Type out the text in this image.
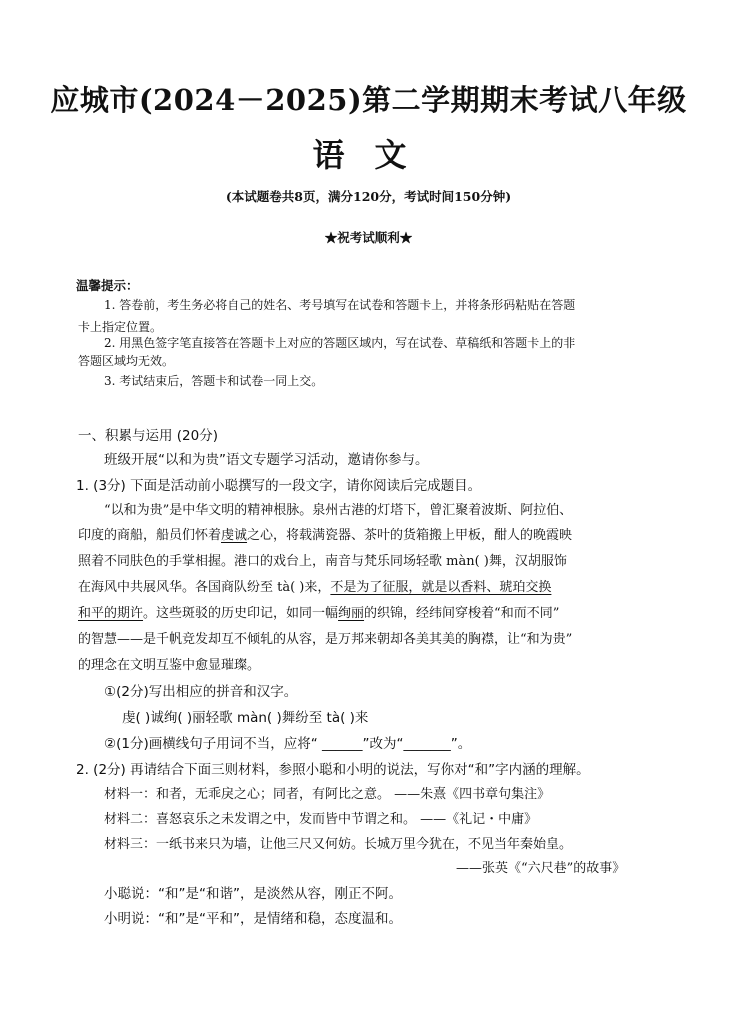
应城市(2024－2025)第二学期期末考试八年级
语文
(本试题卷共8页，满分120分，考试时间150分钟)
★祝考试顺利★
温馨提示：
1. 答卷前，考生务必将自己的姓名、考号填写在试卷和答题卡上，并将条形码粘贴在答题
卡上指定位置。
2. 用黑色签字笔直接答在答题卡上对应的答题区域内，写在试卷、草稿纸和答题卡上的非
答题区域均无效。
3. 考试结束后，答题卡和试卷一同上交。
一、积累与运用 (20分)
班级开展“以和为贵”语文专题学习活动，邀请你参与。
1. (3分) 下面是活动前小聪撰写的一段文字，请你阅读后完成题目。
“以和为贵”是中华文明的精神根脉。泉州古港的灯塔下，曾汇聚着波斯、阿拉伯、
印度的商船，船员们怀着虔诚之心，将载满瓷器、茶叶的货箱搬上甲板，酣人的晚霞映
照着不同肤色的手掌相握。港口的戏台上，南音与梵乐同场轻歌 màn( )舞，汉胡服饰
在海风中共展风华。各国商队纷至 tà( )来，不是为了征服，就是以香料、琥珀交换
和平的期许。这些斑驳的历史印记，如同一幅绚丽的织锦，经纬间穿梭着“和而不同”
的智慧——是千帆竞发却互不倾轧的从容，是万邦来朝却各美其美的胸襟，让“和为贵”
的理念在文明互鉴中愈显璀璨。
①(2分)写出相应的拼音和汉字。
虔( )诚绚( )丽轻歌 màn( )舞纷至 tà( )来
②(1分)画横线句子用词不当，应将“ ______”改为“_______”。
2. (2分) 再请结合下面三则材料，参照小聪和小明的说法，写你对“和”字内涵的理解。
材料一：和者，无乖戾之心；同者，有阿比之意。 ——朱熹《四书章句集注》
材料二：喜怒哀乐之未发谓之中，发而皆中节谓之和。 ——《礼记・中庸》
材料三：一纸书来只为墙，让他三尺又何妨。长城万里今犹在，不见当年秦始皇。
——张英《“六尺巷”的故事》
小聪说：“和”是“和谐”，是淡然从容，刚正不阿。
小明说：“和”是“平和”，是情绪和稳，态度温和。
